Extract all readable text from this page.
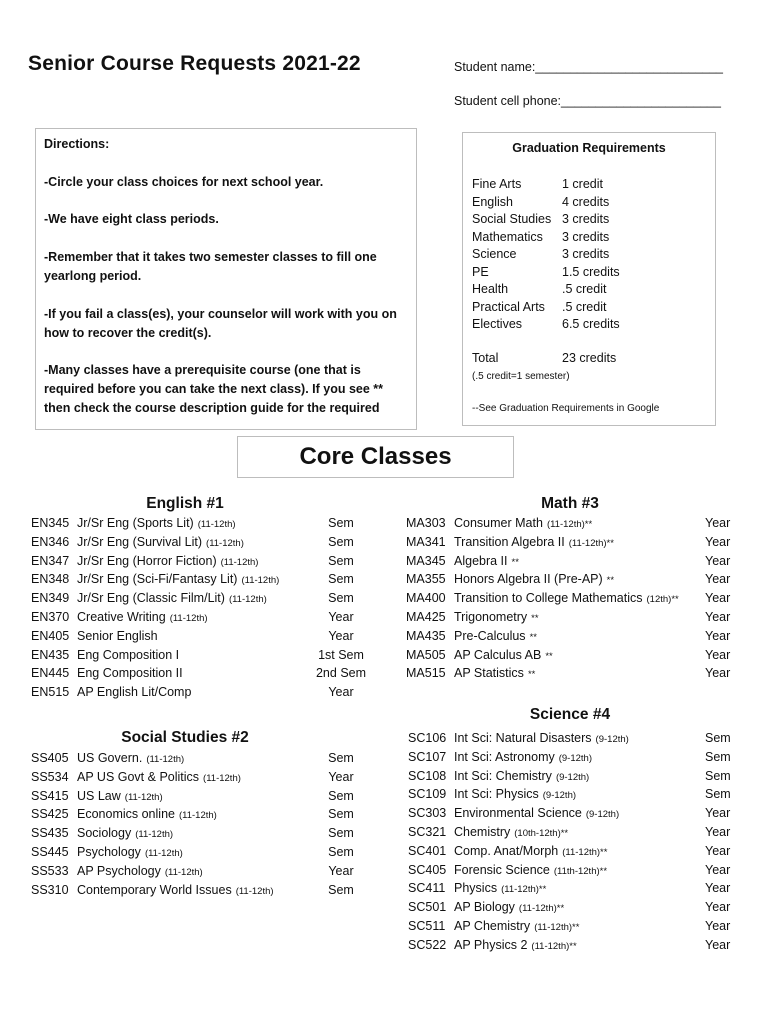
Senior Course Requests 2021-22	Student name:___________________________
Student cell phone:_______________________

Directions:

-Circle your class choices for next school year.

-We have eight class periods.

-Remember that it takes two semester classes to fill one yearlong period.

-If you fail a class(es), your counselor will work with you on how to recover the credit(s).

-Many classes have a prerequisite course (one that is required before you can take the next class). If you see ** then check the course description guide for the required

Graduation Requirements
Fine Arts	1 credit
English	4 credits
Social Studies 3 credits
Mathematics 3 credits
Science	3 credits
PE	1.5 credits
Health	.5 credit
Practical Arts .5 credit
Electives	6.5 credits
Total	23 credits
(.5 credit=1 semester)
--See Graduation Requirements in Google
Core Classes
English #1
EN345 Jr/Sr Eng (Sports Lit) (11-12th)	Sem
EN346 Jr/Sr Eng (Survival Lit) (11-12th)	Sem
EN347 Jr/Sr Eng (Horror Fiction) (11-12th)	Sem
EN348 Jr/Sr Eng (Sci-Fi/Fantasy Lit) (11-12th)	Sem
EN349 Jr/Sr Eng (Classic Film/Lit) (11-12th)	Sem
EN370 Creative Writing (11-12th)	Year
EN405 Senior English	Year
EN435 Eng Composition I	1st Sem
EN445 Eng Composition II	2nd Sem
EN515 AP English Lit/Comp	Year
Social Studies #2
SS405 US Govern. (11-12th)	Sem
SS534 AP US Govt & Politics (11-12th)	Year
SS415 US Law (11-12th)	Sem
SS425 Economics online (11-12th)	Sem
SS435 Sociology (11-12th)	Sem
SS445 Psychology (11-12th)	Sem
SS533 AP Psychology (11-12th)	Year
SS310 Contemporary World Issues (11-12th)	Sem
Math #3
MA303 Consumer Math (11-12th)**	Year
MA341 Transition Algebra II (11-12th)**	Year
MA345 Algebra II **	Year
MA355 Honors Algebra II (Pre-AP) **	Year
MA400 Transition to College Mathematics (12th)** Year
MA425 Trigonometry **	Year
MA435 Pre-Calculus **	Year
MA505 AP Calculus AB **	Year
MA515 AP Statistics **	Year
Science #4
SC106 Int Sci: Natural Disasters (9-12th)	Sem
SC107 Int Sci: Astronomy (9-12th)	Sem
SC108 Int Sci: Chemistry (9-12th)	Sem
SC109 Int Sci: Physics (9-12th)	Sem
SC303 Environmental Science (9-12th)	Year
SC321 Chemistry (10th-12th)**	Year
SC401 Comp. Anat/Morph (11-12th)**	Year
SC405 Forensic Science (11th-12th)**	Year
SC411 Physics (11-12th)**	Year
SC501 AP Biology (11-12th)**	Year
SC511 AP Chemistry (11-12th)**	Year
SC522 AP Physics 2 (11-12th)**	Year
